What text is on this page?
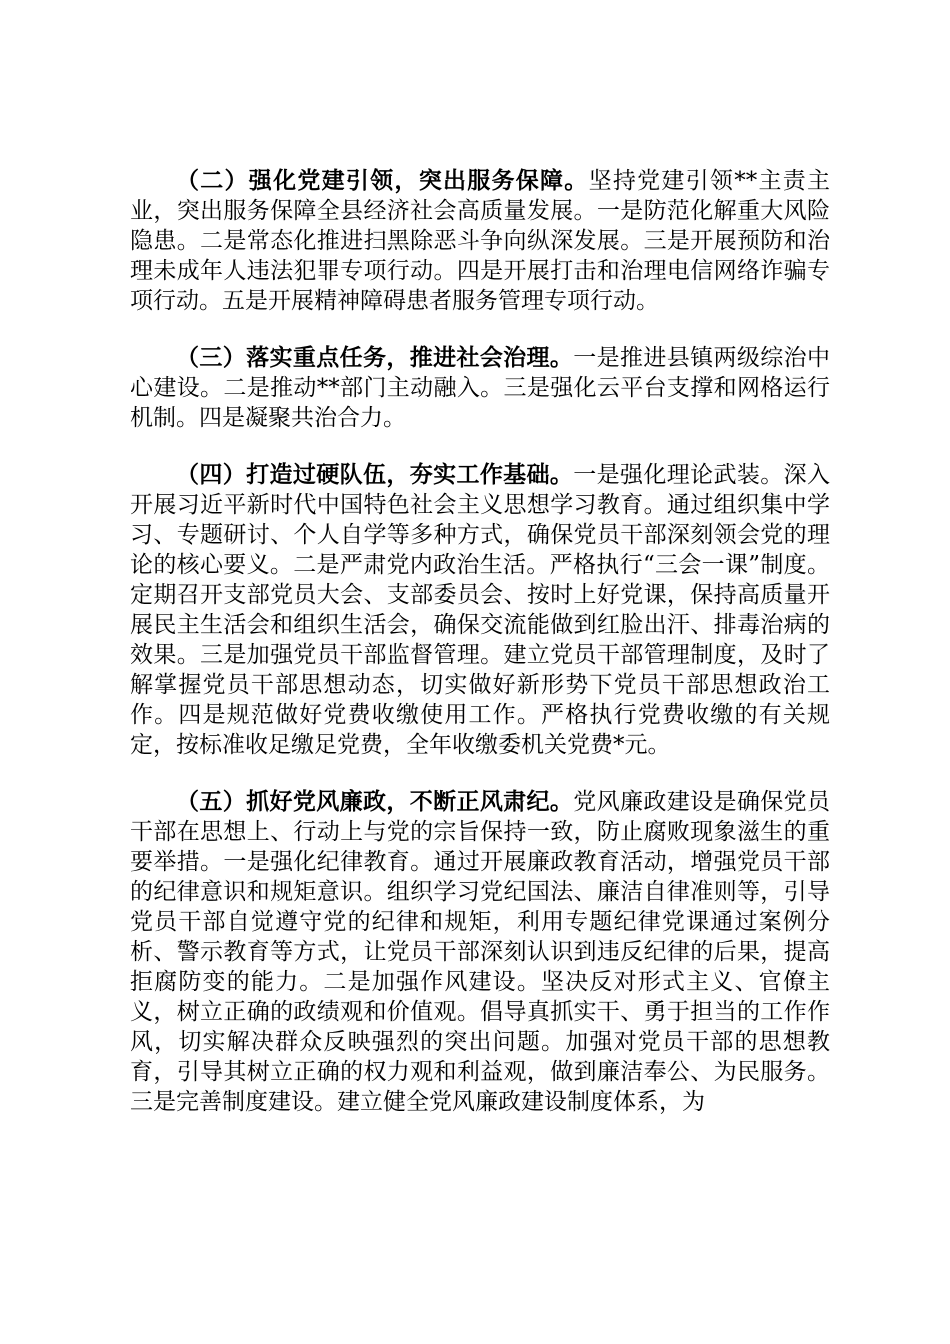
（二）强化党建引领，突出服务保障。坚持党建引领**主责主业，突出服务保障全县经济社会高质量发展。一是防范化解重大风险隐患。二是常态化推进扫黑除恶斗争向纵深发展。三是开展预防和治理未成年人违法犯罪专项行动。四是开展打击和治理电信网络诈骗专项行动。五是开展精神障碍患者服务管理专项行动。

（三）落实重点任务，推进社会治理。一是推进县镇两级综治中心建设。二是推动**部门主动融入。三是强化云平台支撑和网格运行机制。四是凝聚共治合力。

（四）打造过硬队伍，夯实工作基础。一是强化理论武装。深入开展习近平新时代中国特色社会主义思想学习教育。通过组织集中学习、专题研讨、个人自学等多种方式，确保党员干部深刻领会党的理论的核心要义。二是严肃党内政治生活。严格执行“三会一课”制度。定期召开支部党员大会、支部委员会、按时上好党课，保持高质量开展民主生活会和组织生活会，确保交流能做到红脸出汗、排毒治病的效果。三是加强党员干部监督管理。建立党员干部管理制度，及时了解掌握党员干部思想动态，切实做好新形势下党员干部思想政治工作。四是规范做好党费收缴使用工作。严格执行党费收缴的有关规定，按标准收足缴足党费，全年收缴委机关党费*元。

（五）抓好党风廉政，不断正风肃纪。党风廉政建设是确保党员干部在思想上、行动上与党的宗旨保持一致，防止腐败现象滋生的重要举措。一是强化纪律教育。通过开展廉政教育活动，增强党员干部的纪律意识和规矩意识。组织学习党纪国法、廉洁自律准则等，引导党员干部自觉遵守党的纪律和规矩，利用专题纪律党课通过案例分析、警示教育等方式，让党员干部深刻认识到违反纪律的后果，提高拒腐防变的能力。二是加强作风建设。坚决反对形式主义、官僚主义，树立正确的政绩观和价值观。倡导真抓实干、勇于担当的工作作风，切实解决群众反映强烈的突出问题。加强对党员干部的思想教育，引导其树立正确的权力观和利益观，做到廉洁奉公、为民服务。三是完善制度建设。建立健全党风廉政建设制度体系，为
